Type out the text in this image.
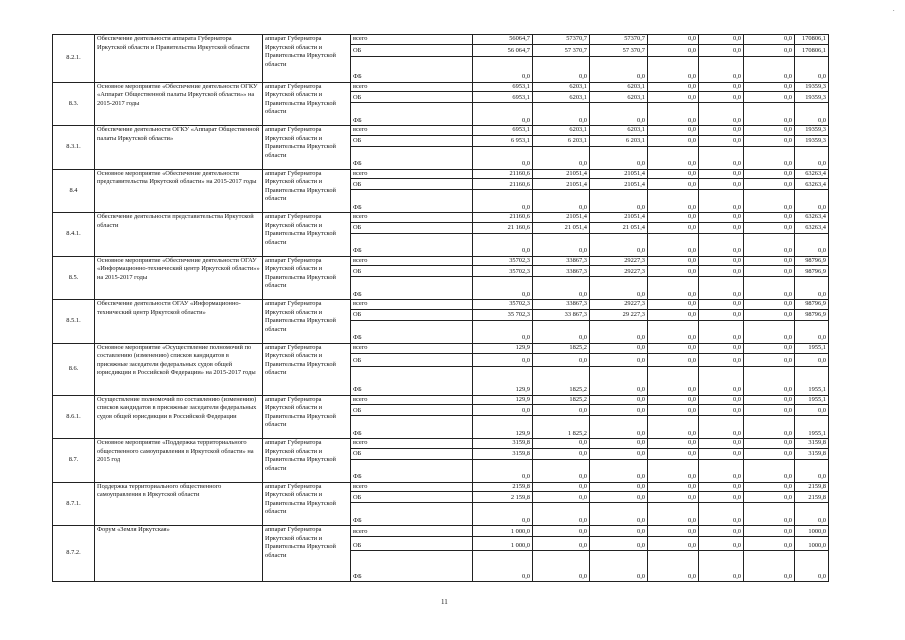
·
8.2.1.	Обеспечение деятельности аппарата Губернатора Иркутской области и Правительства Иркутской области	аппарат Губернатора Иркутской области и Правительства Иркутской области	всего	56064,7	57370,7	57370,7	0,0	0,0	0,0	170806,1
			ОБ	56 064,7	57 370,7	57 370,7	0,0	0,0	0,0	170806,1
			ФБ	0,0	0,0	0,0	0,0	0,0	0,0	0,0
8.3.	Основное мероприятие «Обеспечение деятельности ОГКУ «Аппарат Общественной палаты Иркутской области»» на 2015-2017 годы	аппарат Губернатора Иркутской области и Правительства Иркутской области	всего	6953,1	6203,1	6203,1	0,0	0,0	0,0	19359,3
			ОБ	6953,1	6203,1	6203,1	0,0	0,0	0,0	19359,3
			ФБ	0,0	0,0	0,0	0,0	0,0	0,0	0,0
8.3.1.	Обеспечение деятельности ОГКУ «Аппарат Общественной палаты Иркутской области»	аппарат Губернатора Иркутской области и Правительства Иркутской области	всего	6953,1	6203,1	6203,1	0,0	0,0	0,0	19359,3
			ОБ	6 953,1	6 203,1	6 203,1	0,0	0,0	0,0	19359,3
			ФБ	0,0	0,0	0,0	0,0	0,0	0,0	0,0
8.4	Основное мероприятие «Обеспечение деятельности представительства Иркутской области» на 2015-2017 годы	аппарат Губернатора Иркутской области и Правительства Иркутской области	всего	21160,6	21051,4	21051,4	0,0	0,0	0,0	63263,4
			ОБ	21160,6	21051,4	21051,4	0,0	0,0	0,0	63263,4
			ФБ	0,0	0,0	0,0	0,0	0,0	0,0	0,0
8.4.1.	Обеспечение деятельности представительства Иркутской области	аппарат Губернатора Иркутской области и Правительства Иркутской области	всего	21160,6	21051,4	21051,4	0,0	0,0	0,0	63263,4
			ОБ	21 160,6	21 051,4	21 051,4	0,0	0,0	0,0	63263,4
			ФБ	0,0	0,0	0,0	0,0	0,0	0,0	0,0
8.5.	Основное мероприятие «Обеспечение деятельности ОГАУ «Информационно-технический центр Иркутской области»» на 2015-2017 годы	аппарат Губернатора Иркутской области и Правительства Иркутской области	всего	35702,3	33867,3	29227,3	0,0	0,0	0,0	98796,9
			ОБ	35702,3	33867,3	29227,3	0,0	0,0	0,0	98796,9
			ФБ	0,0	0,0	0,0	0,0	0,0	0,0	0,0
8.5.1.	Обеспечение деятельности ОГАУ «Информационно-технический центр Иркутской области»	аппарат Губернатора Иркутской области и Правительства Иркутской области	всего	35702,3	33867,3	29227,3	0,0	0,0	0,0	98796,9
			ОБ	35 702,3	33 867,3	29 227,3	0,0	0,0	0,0	98796,9
			ФБ	0,0	0,0	0,0	0,0	0,0	0,0	0,0
8.6.	Основное мероприятие «Осуществление полномочий по составлению (изменению) списков кандидатов в присяжные заседатели федеральных судов общей юрисдикции в Российской Федерации» на 2015-2017 годы	аппарат Губернатора Иркутской области и Правительства Иркутской области	всего	129,9	1825,2	0,0	0,0	0,0	0,0	1955,1
			ОБ	0,0	0,0	0,0	0,0	0,0	0,0	0,0
			ФБ	129,9	1825,2	0,0	0,0	0,0	0,0	1955,1
8.6.1.	Осуществление полномочий по составлению (изменению) списков кандидатов в присяжные заседатели федеральных судов общей юрисдикции в Российской Федерации	аппарат Губернатора Иркутской области и Правительства Иркутской области	всего	129,9	1825,2	0,0	0,0	0,0	0,0	1955,1
			ОБ	0,0	0,0	0,0	0,0	0,0	0,0	0,0
			ФБ	129,9	1 825,2	0,0	0,0	0,0	0,0	1955,1
8.7.	Основное мероприятие «Поддержка территориального общественного самоуправления в Иркутской области» на 2015 год	аппарат Губернатора Иркутской области и Правительства Иркутской области	всего	3159,8	0,0	0,0	0,0	0,0	0,0	3159,8
			ОБ	3159,8	0,0	0,0	0,0	0,0	0,0	3159,8
			ФБ	0,0	0,0	0,0	0,0	0,0	0,0	0,0
8.7.1.	Поддержка территориального общественного самоуправления в Иркутской области	аппарат Губернатора Иркутской области и Правительства Иркутской области	всего	2159,8	0,0	0,0	0,0	0,0	0,0	2159,8
			ОБ	2 159,8	0,0	0,0	0,0	0,0	0,0	2159,8
			ФБ	0,0	0,0	0,0	0,0	0,0	0,0	0,0
8.7.2.	Форум «Земля Иркутская»	аппарат Губернатора Иркутской области и Правительства Иркутской области	всего	1 000,0	0,0	0,0	0,0	0,0	0,0	1000,0
			ОБ	1 000,0	0,0	0,0	0,0	0,0	0,0	1000,0
			ФБ	0,0	0,0	0,0	0,0	0,0	0,0	0,0
11
